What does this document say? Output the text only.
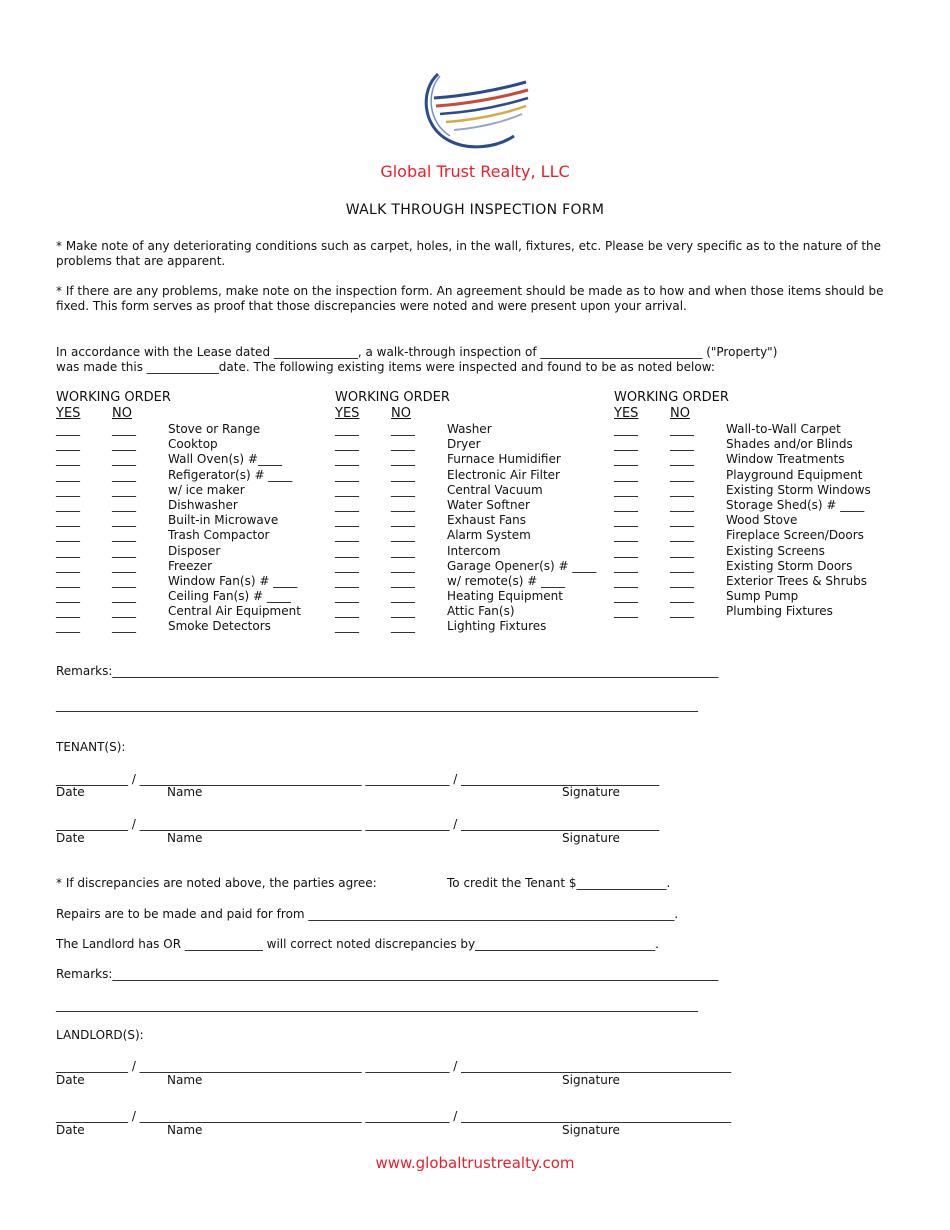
Global Trust Realty, LLC
WALK THROUGH INSPECTION FORM
* Make note of any deteriorating conditions such as carpet, holes, in the wall, fixtures, etc. Please be very specific as to the nature of the problems that are apparent.
* If there are any problems, make note on the inspection form. An agreement should be made as to how and when those items should be fixed. This form serves as proof that those discrepancies were noted and were present upon your arrival.
In accordance with the Lease dated ______________, a walk-through inspection of ___________________________ ("Property")
was made this ____________date. The following existing items were inspected and found to be as noted below:
WORKING ORDER
YES NO
____	____	Stove or Range
____	____	Cooktop
____	____	Wall Oven(s) #____
____	____	Refigerator(s) # ____
____	____	w/ ice maker
____	____	Dishwasher
____	____	Built-in Microwave
____	____	Trash Compactor
____	____	Disposer
____	____	Freezer
____	____	Window Fan(s) # ____
____	____	Ceiling Fan(s) # ____
____	____	Central Air Equipment
____	____	Smoke Detectors
WORKING ORDER
YES NO
____	____	Washer
____	____	Dryer
____	____	Furnace Humidifier
____	____	Electronic Air Filter
____	____	Central Vacuum
____	____	Water Softner
____	____	Exhaust Fans
____	____	Alarm System
____	____	Intercom
____	____	Garage Opener(s) # ____
____	____	w/ remote(s) # ____
____	____	Heating Equipment
____	____	Attic Fan(s)
____	____	Lighting Fixtures
WORKING ORDER
YES NO
____	____	Wall-to-Wall Carpet
____	____	Shades and/or Blinds
____	____	Window Treatments
____	____	Playground Equipment
____	____	Existing Storm Windows
____	____	Storage Shed(s) # ____
____	____	Wood Stove
____	____	Fireplace Screen/Doors
____	____	Existing Screens
____	____	Existing Storm Doors
____	____	Exterior Trees & Shrubs
____	____	Sump Pump
____	____	Plumbing Fixtures
Remarks:_____________________________________________________________________________________________________
___________________________________________________________________________________________________________
TENANT(S):
____________ / _____________________________________ ______________ / _________________________________
Date	Name	Signature
____________ / _____________________________________ ______________ / _________________________________
Date	Name	Signature
* If discrepancies are noted above, the parties agree:	To credit the Tenant $_______________.
Repairs are to be made and paid for from _____________________________________________________________.
The Landlord has OR _____________ will correct noted discrepancies by______________________________.
Remarks:_____________________________________________________________________________________________________
___________________________________________________________________________________________________________
LANDLORD(S):
____________ / _____________________________________ ______________ / _____________________________________________
Date	Name	Signature
____________ / _____________________________________ ______________ / _____________________________________________
Date	Name	Signature
www.globaltrustrealty.com
